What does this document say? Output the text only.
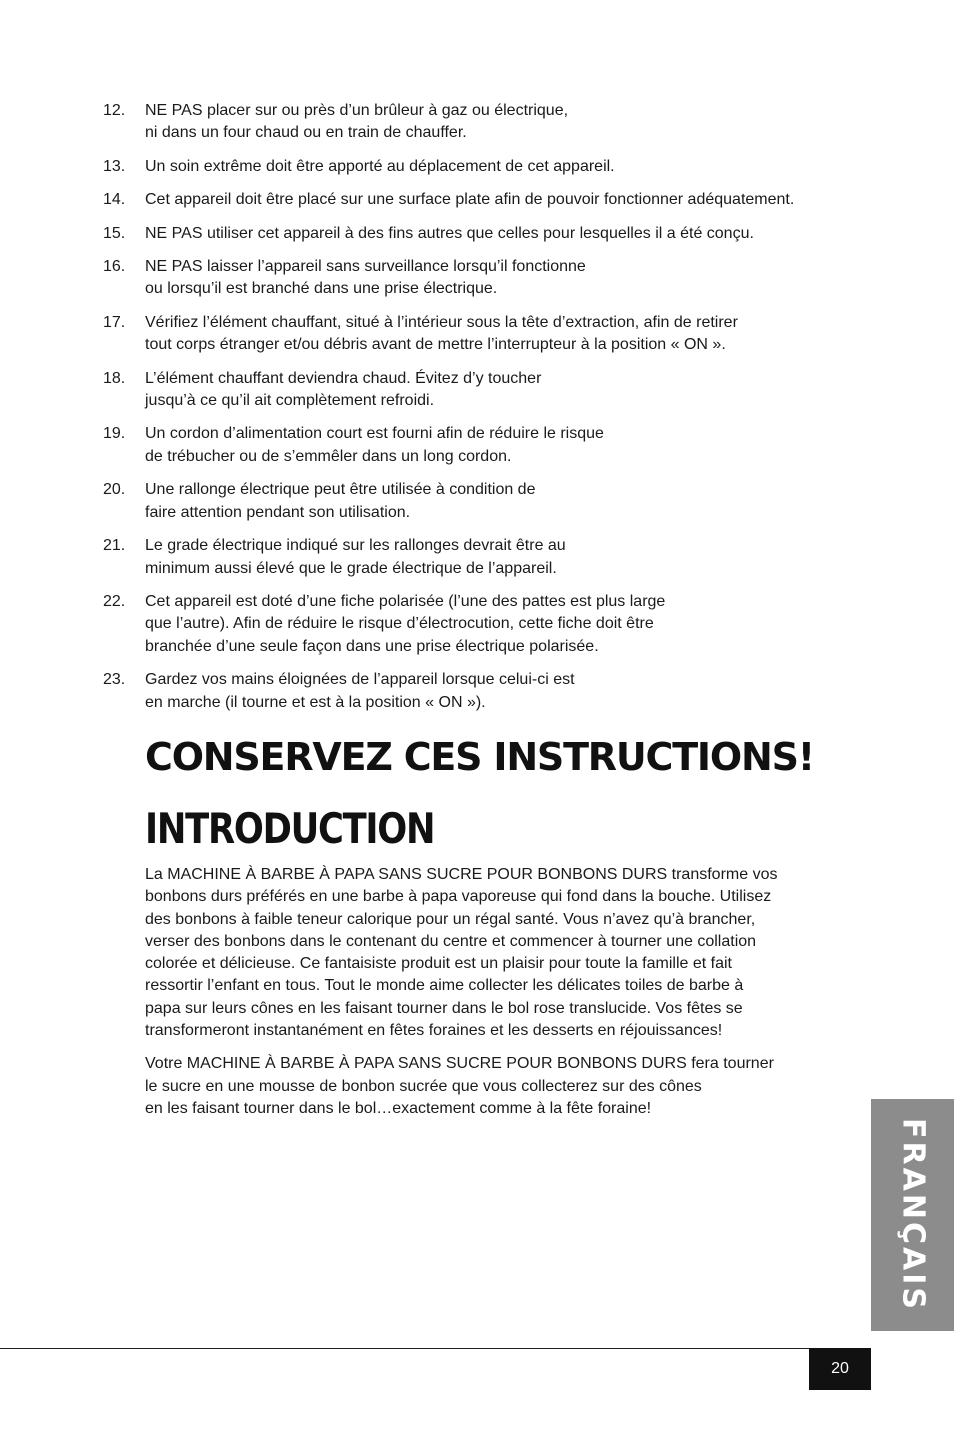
12.	NE PAS placer sur ou près d’un brûleur à gaz ou électrique,
ni dans un four chaud ou en train de chauffer.
13.	Un soin extrême doit être apporté au déplacement de cet appareil.
14.	Cet appareil doit être placé sur une surface plate afin de pouvoir fonctionner adéquatement.
15.	NE PAS utiliser cet appareil à des fins autres que celles pour lesquelles il a été conçu.
16.	NE PAS laisser l’appareil sans surveillance lorsqu’il fonctionne
ou lorsqu’il est branché dans une prise électrique.
17.	Vérifiez l’élément chauffant, situé à l’intérieur sous la tête d’extraction, afin de retirer
tout corps étranger et/ou débris avant de mettre l’interrupteur à la position « ON ».
18.	L’élément chauffant deviendra chaud. Évitez d’y toucher
jusqu’à ce qu’il ait complètement refroidi.
19.	Un cordon d’alimentation court est fourni afin de réduire le risque
de trébucher ou de s’emmêler dans un long cordon.
20.	Une rallonge électrique peut être utilisée à condition de
faire attention pendant son utilisation.
21.	Le grade électrique indiqué sur les rallonges devrait être au
minimum aussi élevé que le grade électrique de l’appareil.
22.	Cet appareil est doté d’une fiche polarisée (l’une des pattes est plus large
que l’autre). Afin de réduire le risque d’électrocution, cette fiche doit être
branchée d’une seule façon dans une prise électrique polarisée.
23.	Gardez vos mains éloignées de l’appareil lorsque celui-ci est
en marche (il tourne et est à la position « ON »).
CONSERVEZ CES INSTRUCTIONS!
INTRODUCTION

La MACHINE À BARBE À PAPA SANS SUCRE POUR BONBONS DURS transforme vos
bonbons durs préférés en une barbe à papa vaporeuse qui fond dans la bouche. Utilisez
des bonbons à faible teneur calorique pour un régal santé. Vous n’avez qu’à brancher,
verser des bonbons dans le contenant du centre et commencer à tourner une collation
colorée et délicieuse. Ce fantaisiste produit est un plaisir pour toute la famille et fait
ressortir l’enfant en tous. Tout le monde aime collecter les délicates toiles de barbe à
papa sur leurs cônes en les faisant tourner dans le bol rose translucide. Vos fêtes se
transformeront instantanément en fêtes foraines et les desserts en réjouissances!

Votre MACHINE À BARBE À PAPA SANS SUCRE POUR BONBONS DURS fera tourner
le sucre en une mousse de bonbon sucrée que vous collecterez sur des cônes
en les faisant tourner dans le bol…exactement comme à la fête foraine!

FRANÇAIS
20
